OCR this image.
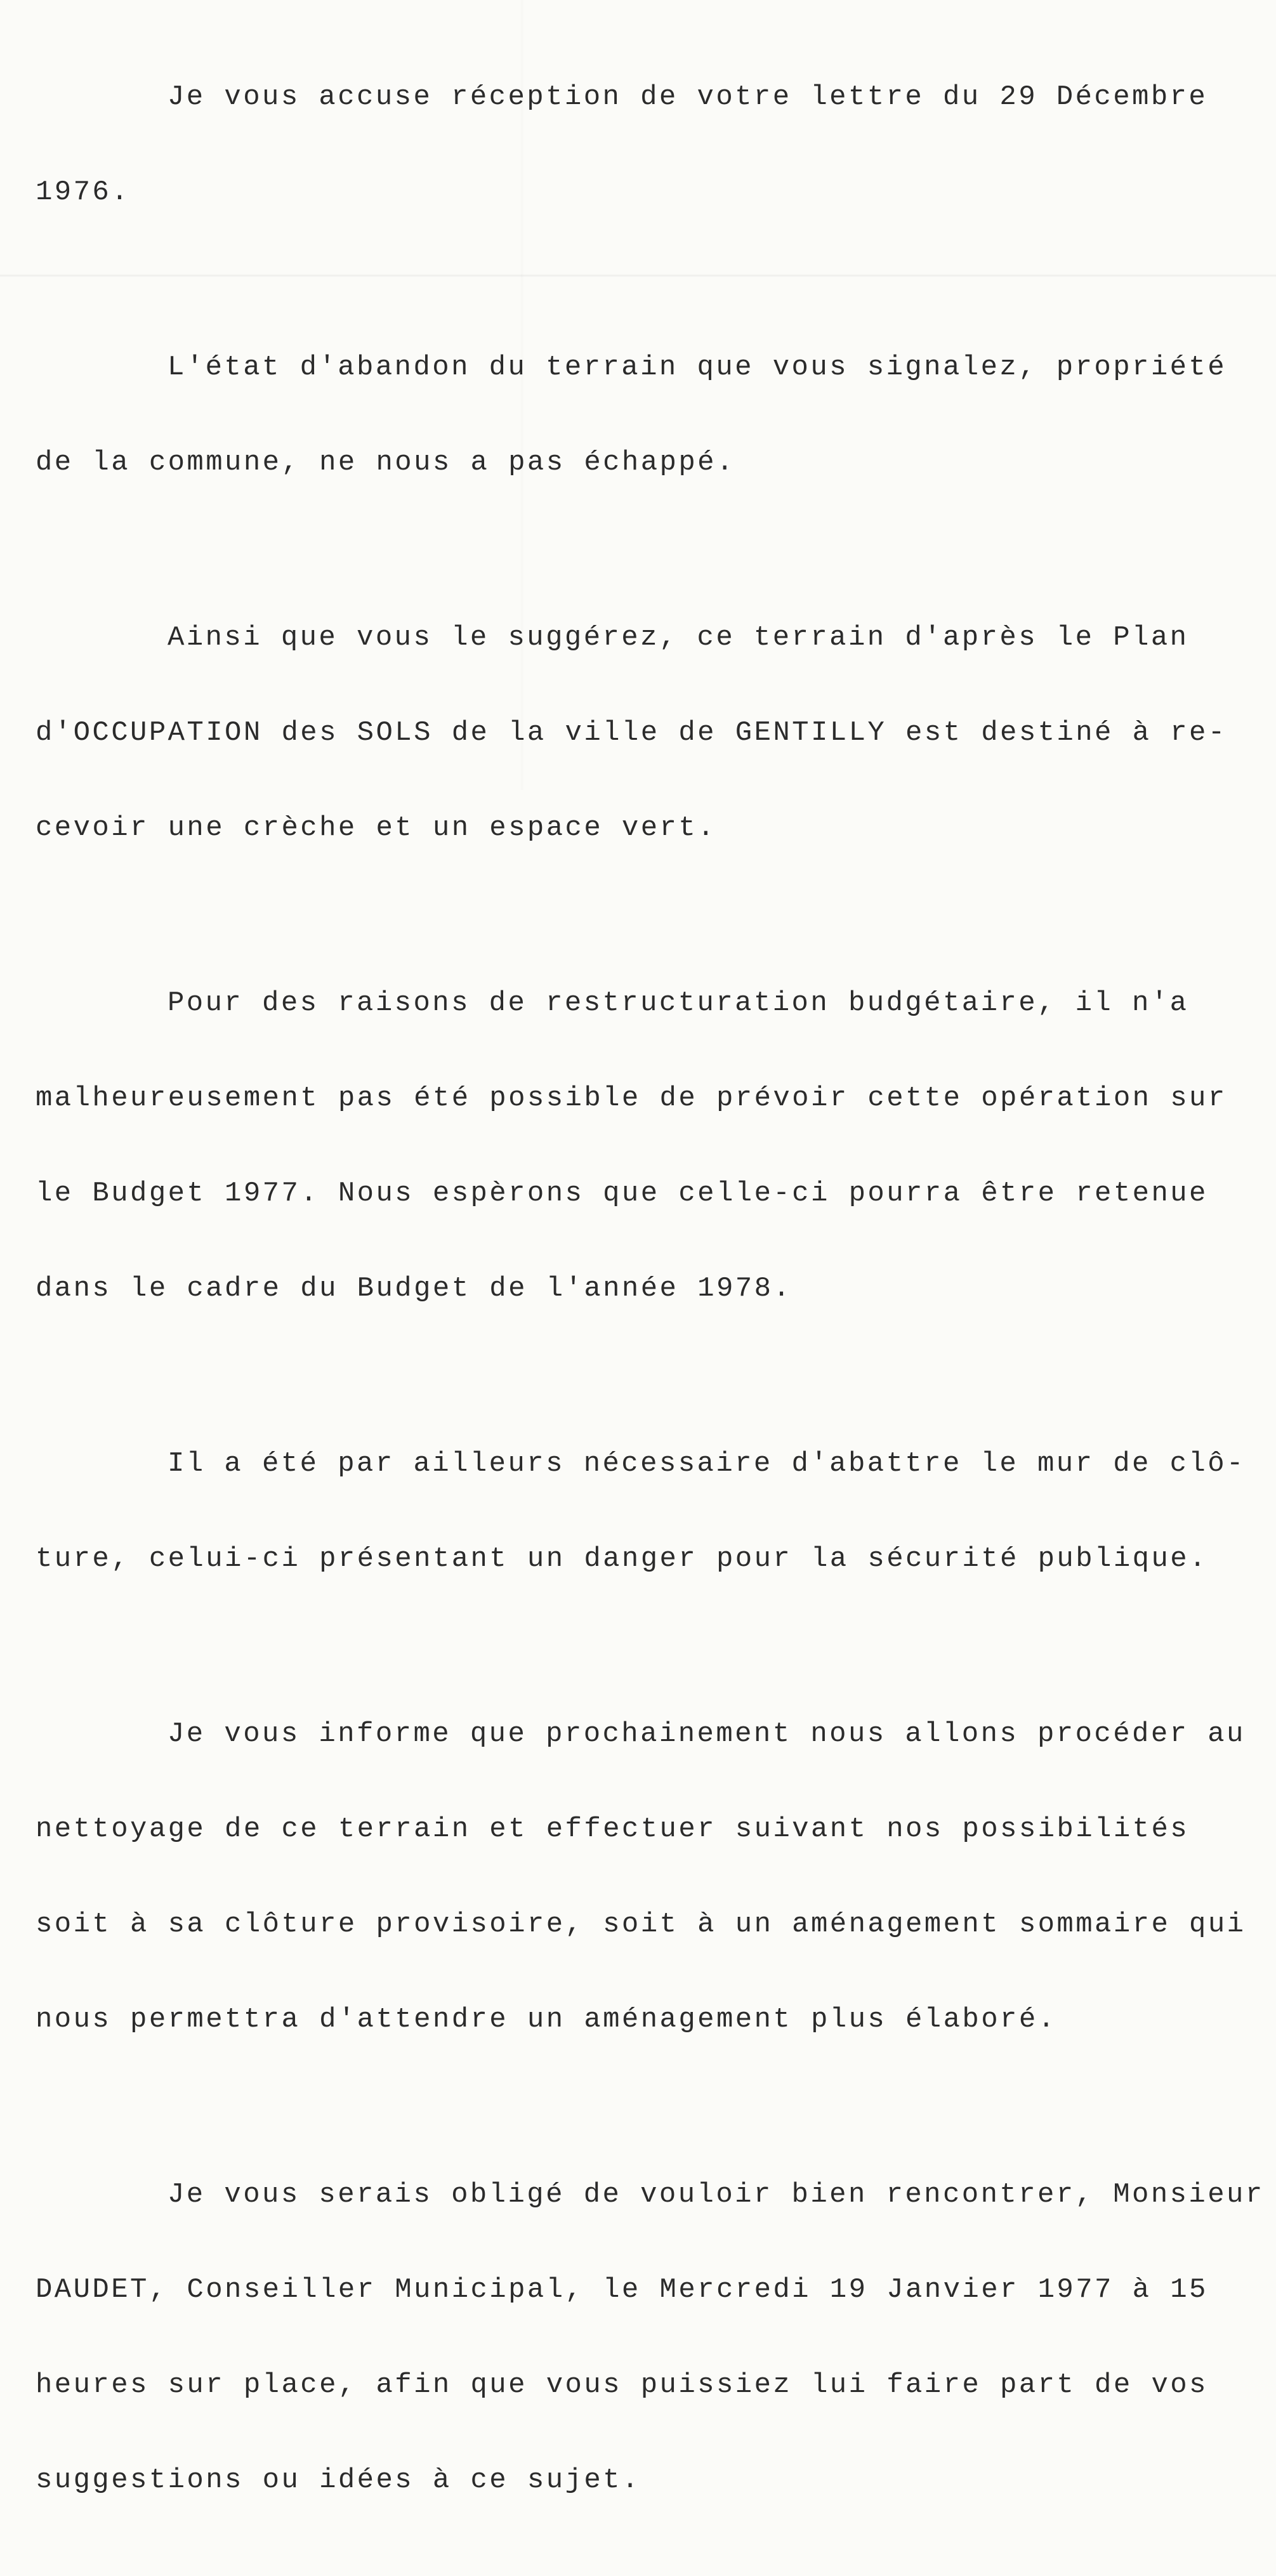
Je vous accuse réception de votre lettre du 29 Décembre

1976.

L'état d'abandon du terrain que vous signalez, propriété

de la commune, ne nous a pas échappé.

Ainsi que vous le suggérez, ce terrain d'après le Plan

d'OCCUPATION des SOLS de la ville de GENTILLY est destiné à re-

cevoir une crèche et un espace vert.

Pour des raisons de restructuration budgétaire, il n'a

malheureusement pas été possible de prévoir cette opération sur

le Budget 1977. Nous espèrons que celle-ci pourra être retenue

dans le cadre du Budget de l'année 1978.

Il a été par ailleurs nécessaire d'abattre le mur de clô-

ture, celui-ci présentant un danger pour la sécurité publique.

Je vous informe que prochainement nous allons procéder au

nettoyage de ce terrain et effectuer suivant nos possibilités

soit à sa clôture provisoire, soit à un aménagement sommaire qui

nous permettra d'attendre un aménagement plus élaboré.

Je vous serais obligé de vouloir bien rencontrer, Monsieur

DAUDET, Conseiller Municipal, le Mercredi 19 Janvier 1977 à 15

heures sur place, afin que vous puissiez lui faire part de vos

suggestions ou idées à ce sujet.
